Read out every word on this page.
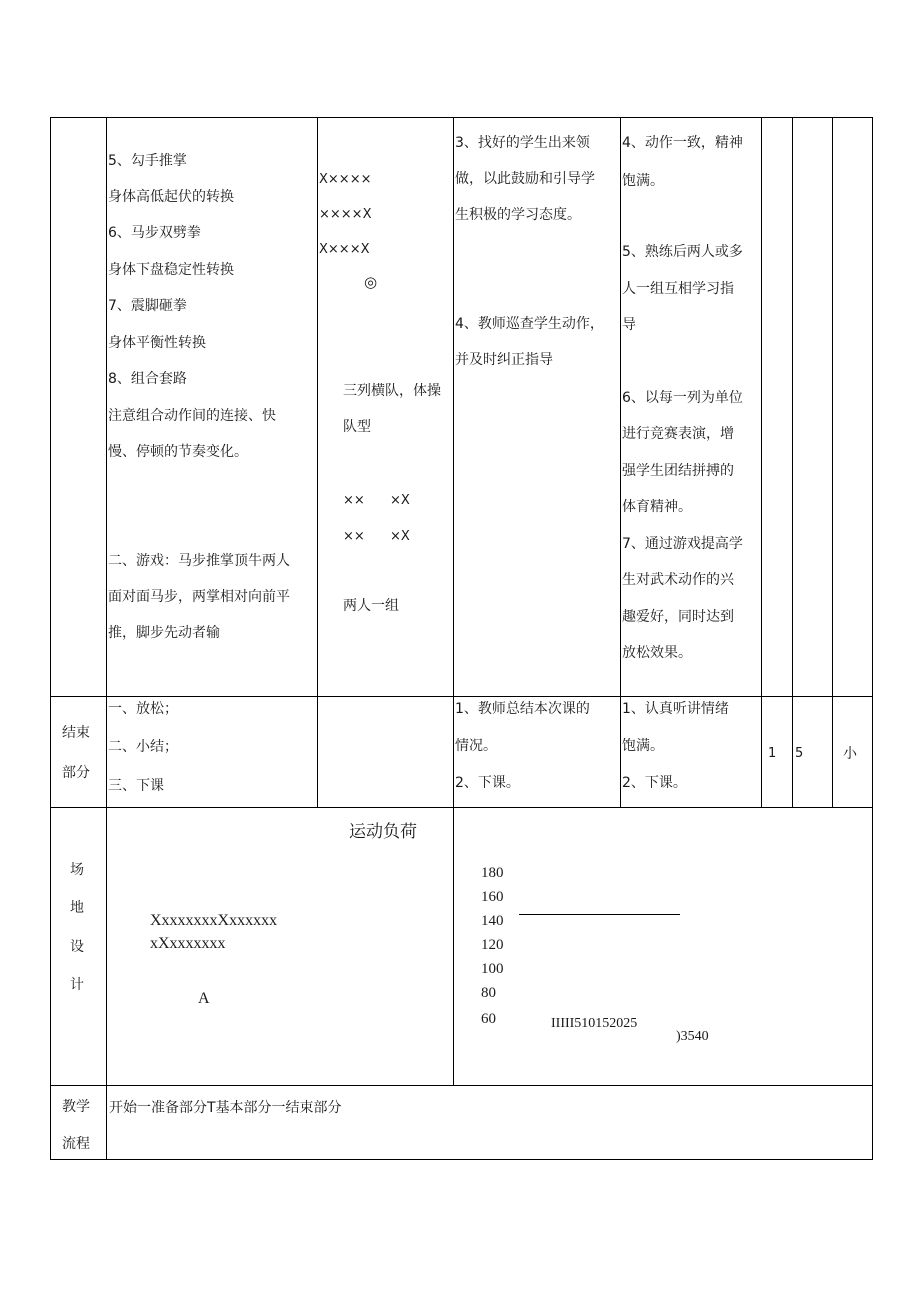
5、勾手推掌
身体高低起伏的转换
6、马步双劈拳
身体下盘稳定性转换
7、震脚砸拳
身体平衡性转换
8、组合套路
注意组合动作间的连接、快
慢、停顿的节奏变化。
二、游戏：马步推掌顶牛两人
面对面马步，两掌相对向前平
推，脚步先动者输
X××××
××××X
X×××X
◎
三列横队，体操
队型
×× ×X
×× ×X
两人一组
3、找好的学生出来领
做，以此鼓励和引导学
生积极的学习态度。
4、教师巡查学生动作，
并及时纠正指导
4、动作一致，精神
饱满。
5、熟练后两人或多
人一组互相学习指
导
6、以每一列为单位
进行竞赛表演，增
强学生团结拼搏的
体育精神。
7、通过游戏提高学
生对武术动作的兴
趣爱好，同时达到
放松效果。
结束
部分
一、放松；
二、小结；
三、下课
1、教师总结本次课的
情况。
2、下课。
1、认真听讲情绪
饱满。
2、下课。
1 5	小
场
地
设
计
XxxxxxxxXxxxxxx
xXxxxxxxx
A
运动负荷
180
160
140
120
100
80
60	IIIII510152025
)3540
教学
流程
开始一准备部分T基本部分一结束部分
